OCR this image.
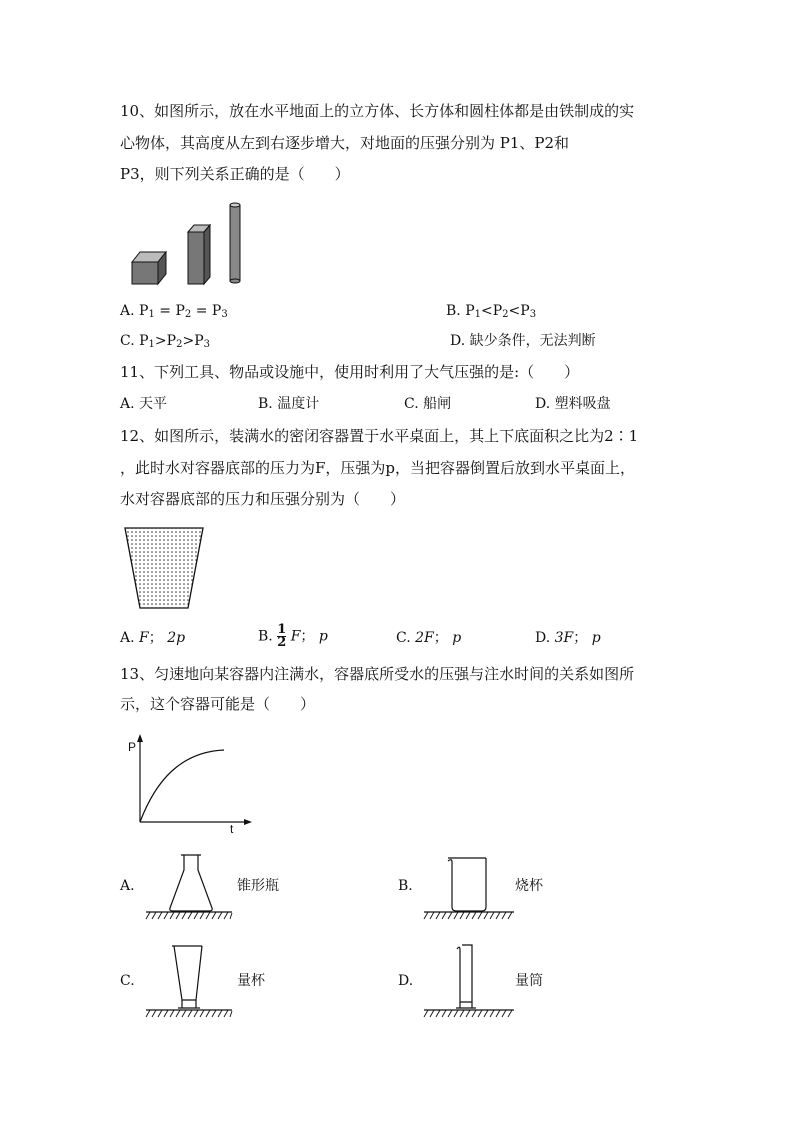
10、如图所示，放在水平地面上的立方体、长方体和圆柱体都是由铁制成的实
心物体，其高度从左到右逐步增大，对地面的压强分别为 P1、P2和
P3，则下列关系正确的是（　　）
A. $P_1 = P_2 = P_3$	B. $P_1<P_2<P_3$
C. $P_1>P_2>P_3$	D. 缺少条件，无法判断
11、下列工具、物品或设施中，使用时利用了大气压强的是:（　　）
A. 天平	B. 温度计	C. 船闸	D. 塑料吸盘
12、如图所示，装满水的密闭容器置于水平桌面上，其上下底面积之比为2∶1
，此时水对容器底部的压力为F，压强为p，当把容器倒置后放到水平桌面上，
水对容器底部的压力和压强分别为（　　）
A. F； 2p	B. $\frac{1}{2}$ F； p	C. 2F； p	D. 3F； p
13、匀速地向某容器内注满水，容器底所受水的压强与注水时间的关系如图所
示，这个容器可能是（　　）
P
t
A.	锥形瓶	B.	烧杯
C.	量杯	D.	量筒
